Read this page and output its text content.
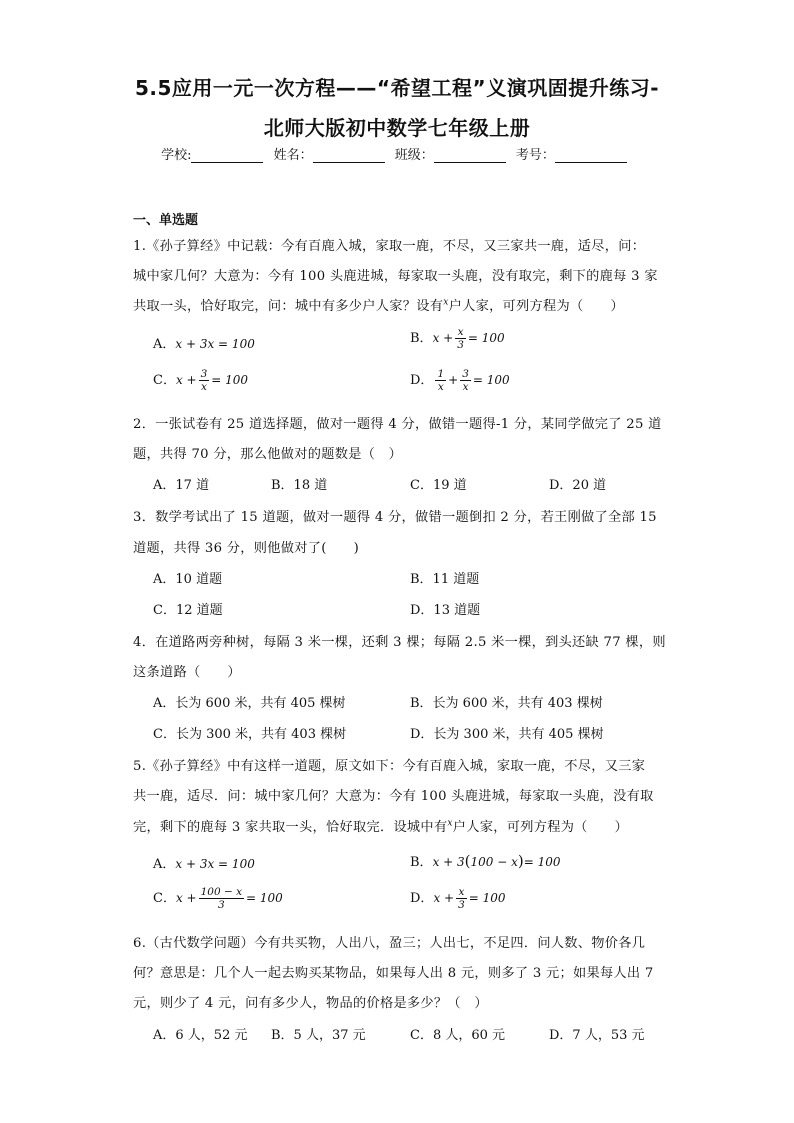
5.5应用一元一次方程——“希望工程”义演巩固提升练习-
北师大版初中数学七年级上册
学校:	姓名：	班级：	考号：
一、单选题
1.《孙子算经》中记载：今有百鹿入城，家取一鹿，不尽，又三家共一鹿，适尽，问：
城中家几何？大意为：今有 100 头鹿进城，每家取一头鹿，没有取完，剩下的鹿每 3 家
共取一头，恰好取完，问：城中有多少户人家？设有$^x$户人家，可列方程为（　　）
A．x + 3x = 100	B．$x + \frac{x}{3} = 100$
C．$x + \frac{3}{x} = 100$	D． $\frac{1}{x} + \frac{3}{x} = 100$
2．一张试卷有 25 道选择题，做对一题得 4 分，做错一题得-1 分，某同学做完了 25 道
题，共得 70 分，那么他做对的题数是（　）
A．17 道	B．18 道	C．19 道	D．20 道
3．数学考试出了 15 道题，做对一题得 4 分，做错一题倒扣 2 分，若王刚做了全部 15
道题，共得 36 分，则他做对了(　　)
A．10 道题	B．11 道题
C．12 道题	D．13 道题
4．在道路两旁种树，每隔 3 米一棵，还剩 3 棵；每隔 2.5 米一棵，到头还缺 77 棵，则
这条道路（　　）
A．长为 600 米，共有 405 棵树	B．长为 600 米，共有 403 棵树
C．长为 300 米，共有 403 棵树	D．长为 300 米，共有 405 棵树
5.《孙子算经》中有这样一道题，原文如下：今有百鹿入城，家取一鹿，不尽，又三家
共一鹿，适尽．问：城中家几何？大意为：今有 100 头鹿进城，每家取一头鹿，没有取
完，剩下的鹿每 3 家共取一头，恰好取完．设城中有$^x$户人家，可列方程为（　　）
A．x + 3x = 100	B．x + 3(100 − x)= 100
C．$x + \frac{100 - x}{3} = 100$	D．$x + \frac{x}{3} = 100$
6.（古代数学问题）今有共买物，人出八，盈三；人出七，不足四．问人数、物价各几
何？意思是：几个人一起去购买某物品，如果每人出 8 元，则多了 3 元；如果每人出 7
元，则少了 4 元，问有多少人，物品的价格是多少？（　）
A．6 人，52 元 B．5 人，37 元	C．8 人，60 元	D．7 人，53 元
